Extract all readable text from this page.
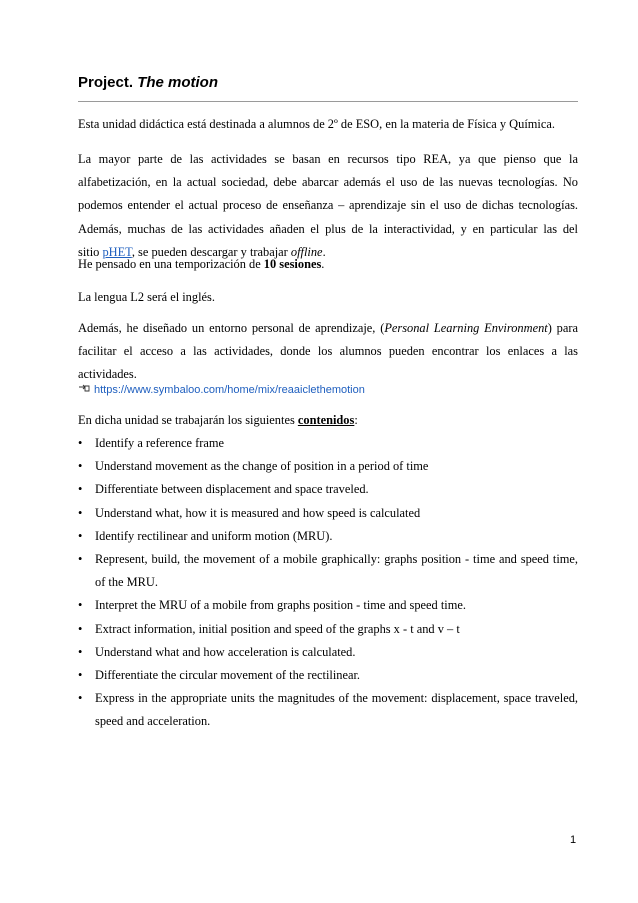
Project. The motion
Esta unidad didáctica está destinada a alumnos de 2º de ESO, en la materia de Física y Química.
La mayor parte de las actividades se basan en recursos tipo REA, ya que pienso que la
alfabetización, en la actual sociedad, debe abarcar además el uso de las nuevas tecnologías. No
podemos entender el actual proceso de enseñanza – aprendizaje sin el uso de dichas tecnologías.
Además, muchas de las actividades añaden el plus de la interactividad, y en particular las del
sitio pHET, se pueden descargar y trabajar offline.
He pensado en una temporización de 10 sesiones.
La lengua L2 será el inglés.
Además, he diseñado un entorno personal de aprendizaje, (Personal Learning Environment) para
facilitar el acceso a las actividades, donde los alumnos pueden encontrar los enlaces a las
actividades.
https://www.symbaloo.com/home/mix/reaaiclethemotion
En dicha unidad se trabajarán los siguientes contenidos:
• Identify a reference frame
• Understand movement as the change of position in a period of time
• Differentiate between displacement and space traveled.
• Understand what, how it is measured and how speed is calculated
• Identify rectilinear and uniform motion (MRU).
• Represent, build, the movement of a mobile graphically: graphs position - time and speed time, of the MRU.
• Interpret the MRU of a mobile from graphs position - time and speed time.
• Extract information, initial position and speed of the graphs x - t and v – t
• Understand what and how acceleration is calculated.
• Differentiate the circular movement of the rectilinear.
• Express in the appropriate units the magnitudes of the movement: displacement, space traveled, speed and acceleration.
1
